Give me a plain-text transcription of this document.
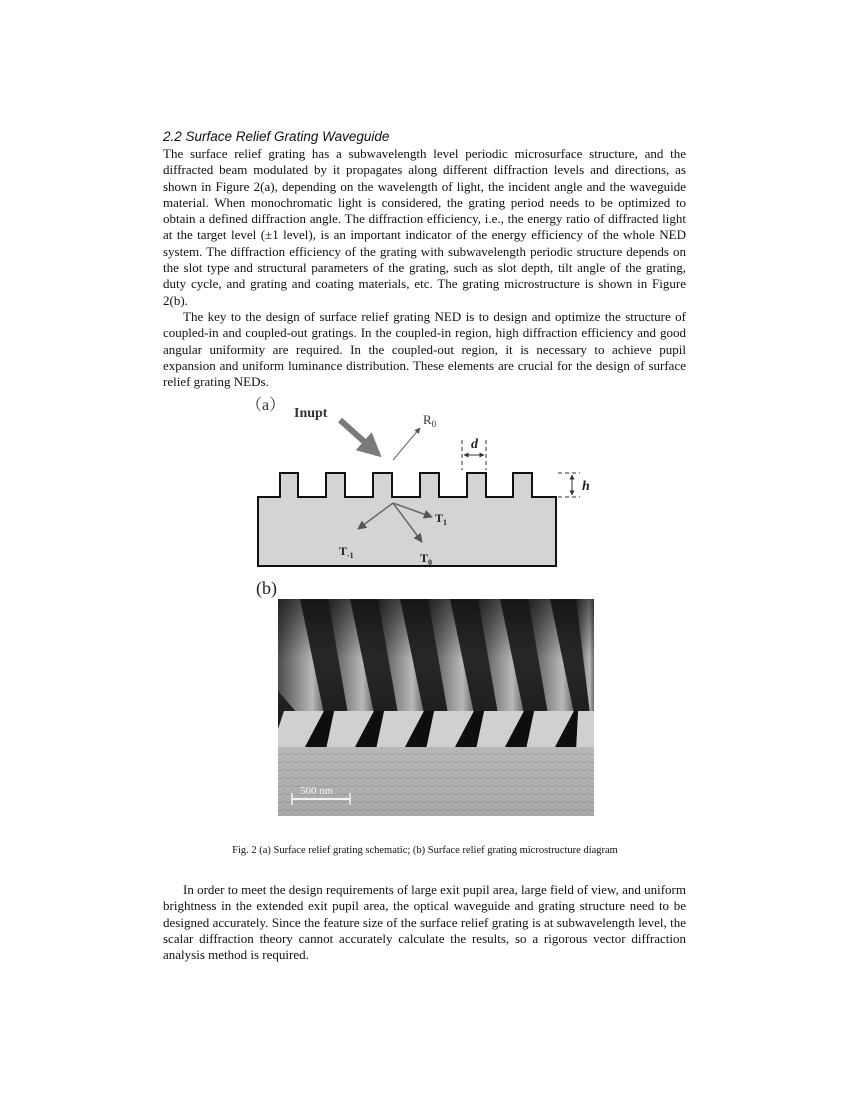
2.2 Surface Relief Grating Waveguide
The surface relief grating has a subwavelength level periodic microsurface structure, and the diffracted beam modulated by it propagates along different diffraction levels and directions, as shown in Figure 2(a), depending on the wavelength of light, the incident angle and the waveguide material. When monochromatic light is considered, the grating period needs to be optimized to obtain a defined diffraction angle. The diffraction efficiency, i.e., the energy ratio of diffracted light at the target level (±1 level), is an important indicator of the energy efficiency of the whole NED system. The diffraction efficiency of the grating with subwavelength periodic structure depends on the slot type and structural parameters of the grating, such as slot depth, tilt angle of the grating, duty cycle, and grating and coating materials, etc. The grating microstructure is shown in Figure 2(b).
The key to the design of surface relief grating NED is to design and optimize the structure of coupled-in and coupled-out gratings. In the coupled-in region, high diffraction efficiency and good angular uniformity are required. In the coupled-out region, it is necessary to achieve pupil expansion and uniform luminance distribution. These elements are crucial for the design of surface relief grating NEDs.
（a） Inupt	$R_0$
d
h
$T_1$
$T_{-1}$	$T_0$
(b)
500 nm
Fig. 2 (a) Surface relief grating schematic; (b) Surface relief grating microstructure diagram
In order to meet the design requirements of large exit pupil area, large field of view, and uniform brightness in the extended exit pupil area, the optical waveguide and grating structure need to be designed accurately. Since the feature size of the surface relief grating is at subwavelength level, the scalar diffraction theory cannot accurately calculate the results, so a rigorous vector diffraction analysis method is required.
